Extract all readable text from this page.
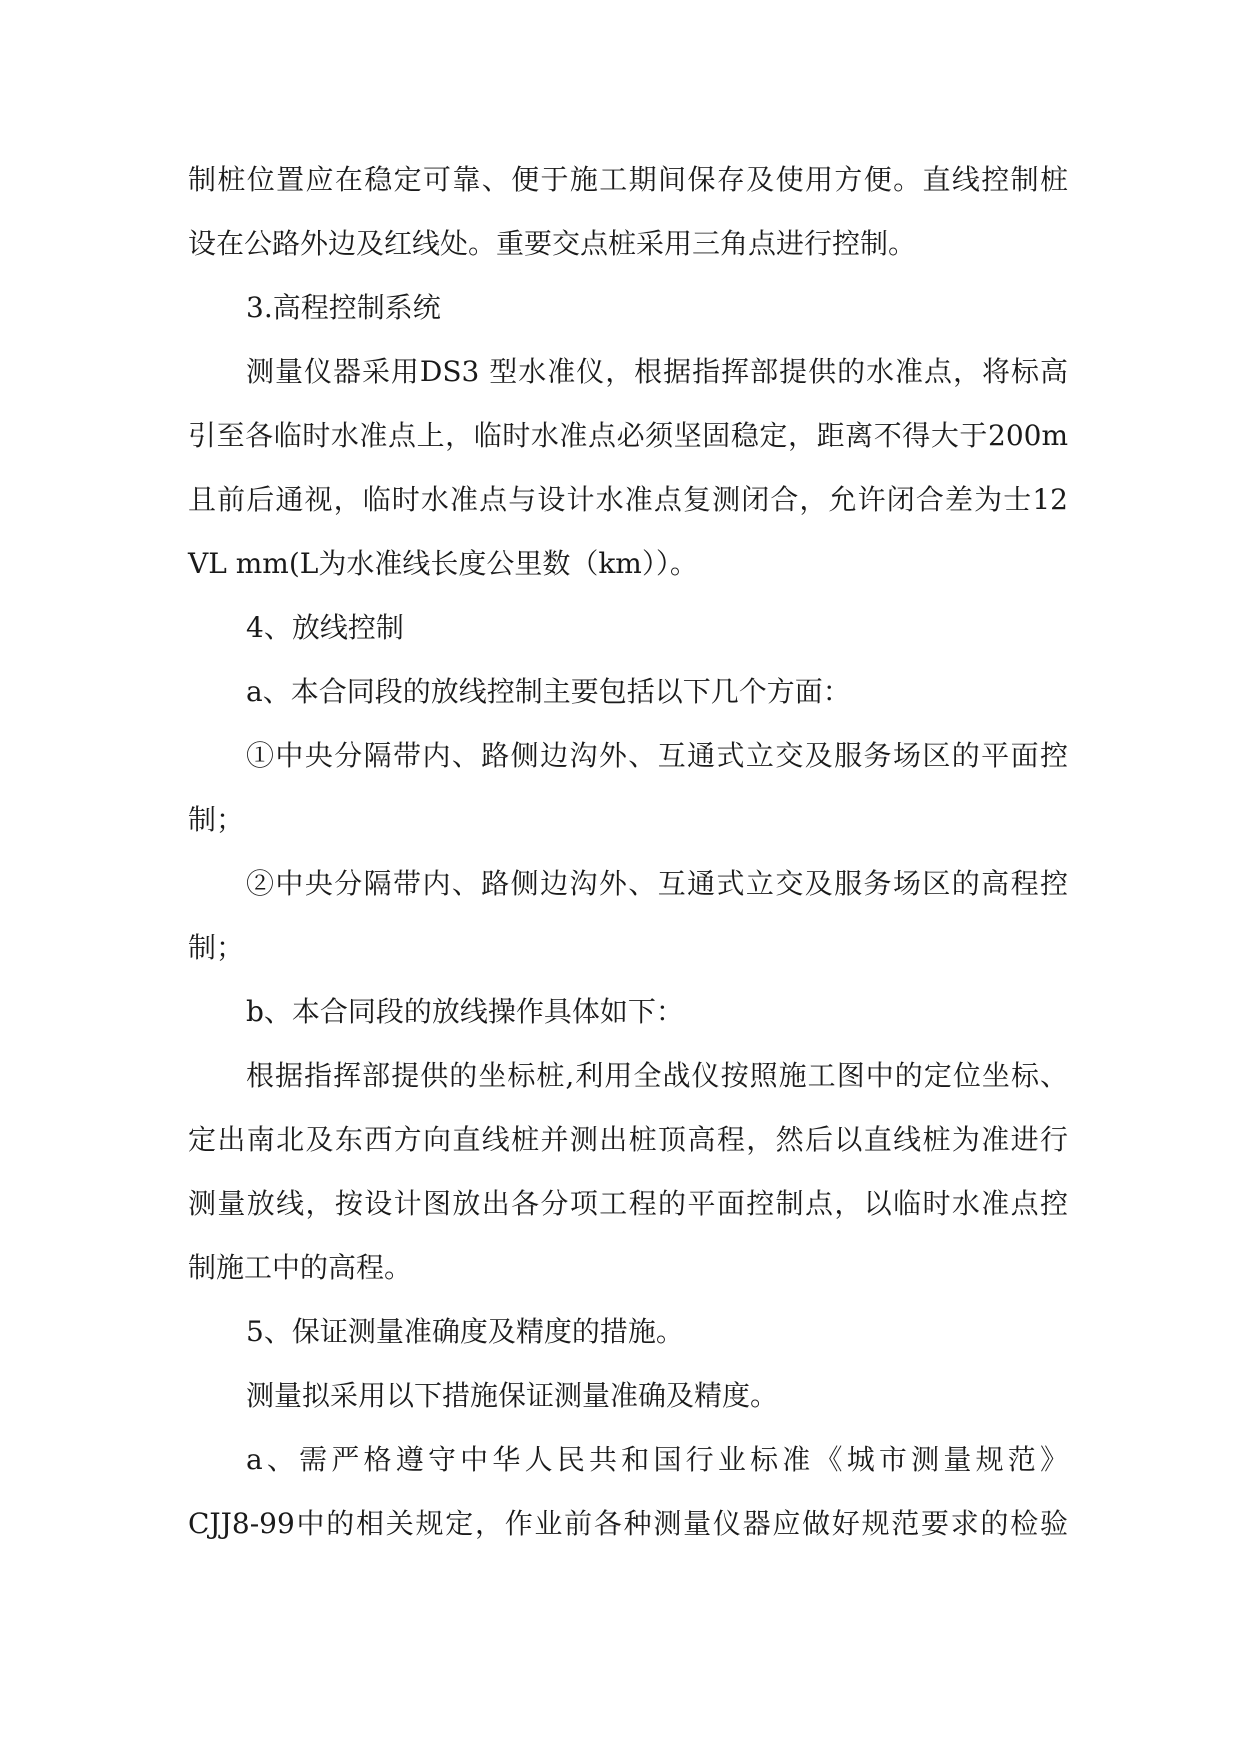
制桩位置应在稳定可靠、便于施工期间保存及使用方便。直线控制桩
设在公路外边及红线处。重要交点桩采用三角点进行控制。
3.高程控制系统
测量仪器采用DS3 型水准仪，根据指挥部提供的水准点，将标高
引至各临时水准点上，临时水准点必须坚固稳定，距离不得大于200m
且前后通视，临时水准点与设计水准点复测闭合，允许闭合差为士12
VL mm(L为水准线长度公里数（km））。
4、放线控制
a、本合同段的放线控制主要包括以下几个方面：
①中央分隔带内、路侧边沟外、互通式立交及服务场区的平面控
制；
②中央分隔带内、路侧边沟外、互通式立交及服务场区的高程控
制；
b、本合同段的放线操作具体如下：
根据指挥部提供的坐标桩,利用全战仪按照施工图中的定位坐标、
定出南北及东西方向直线桩并测出桩顶高程，然后以直线桩为准进行
测量放线，按设计图放出各分项工程的平面控制点，以临时水准点控
制施工中的高程。
5、保证测量准确度及精度的措施。
测量拟采用以下措施保证测量准确及精度。
a、需严格遵守中华人民共和国行业标准《城市测量规范》
CJJ8-99中的相关规定，作业前各种测量仪器应做好规范要求的检验
